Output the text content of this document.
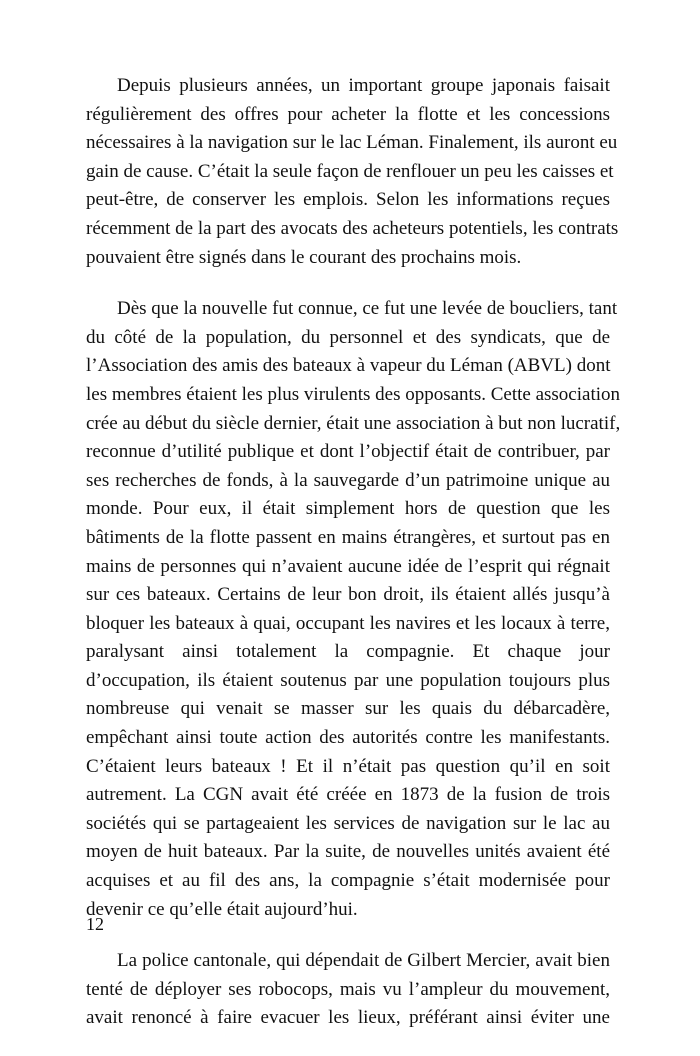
Depuis plusieurs années, un important groupe japonais faisait
régulièrement des offres pour acheter la flotte et les concessions
nécessaires à la navigation sur le lac Léman. Finalement, ils auront eu
gain de cause. C’était la seule façon de renflouer un peu les caisses et
peut-être, de conserver les emplois. Selon les informations reçues
récemment de la part des avocats des acheteurs potentiels, les contrats
pouvaient être signés dans le courant des prochains mois.
Dès que la nouvelle fut connue, ce fut une levée de boucliers, tant
du côté de la population, du personnel et des syndicats, que de
l’Association des amis des bateaux à vapeur du Léman (ABVL) dont
les membres étaient les plus virulents des opposants. Cette association
crée au début du siècle dernier, était une association à but non lucratif,
reconnue d’utilité publique et dont l’objectif était de contribuer, par
ses recherches de fonds, à la sauvegarde d’un patrimoine unique au
monde. Pour eux, il était simplement hors de question que les
bâtiments de la flotte passent en mains étrangères, et surtout pas en
mains de personnes qui n’avaient aucune idée de l’esprit qui régnait
sur ces bateaux. Certains de leur bon droit, ils étaient allés jusqu’à
bloquer les bateaux à quai, occupant les navires et les locaux à terre,
paralysant ainsi totalement la compagnie. Et chaque jour
d’occupation, ils étaient soutenus par une population toujours plus
nombreuse qui venait se masser sur les quais du débarcadère,
empêchant ainsi toute action des autorités contre les manifestants.
C’étaient leurs bateaux ! Et il n’était pas question qu’il en soit
autrement. La CGN avait été créée en 1873 de la fusion de trois
sociétés qui se partageaient les services de navigation sur le lac au
moyen de huit bateaux. Par la suite, de nouvelles unités avaient été
acquises et au fil des ans, la compagnie s’était modernisée pour
devenir ce qu’elle était aujourd’hui.
La police cantonale, qui dépendait de Gilbert Mercier, avait bien
tenté de déployer ses robocops, mais vu l’ampleur du mouvement,
avait renoncé à faire evacuer les lieux, préférant ainsi éviter une
12
